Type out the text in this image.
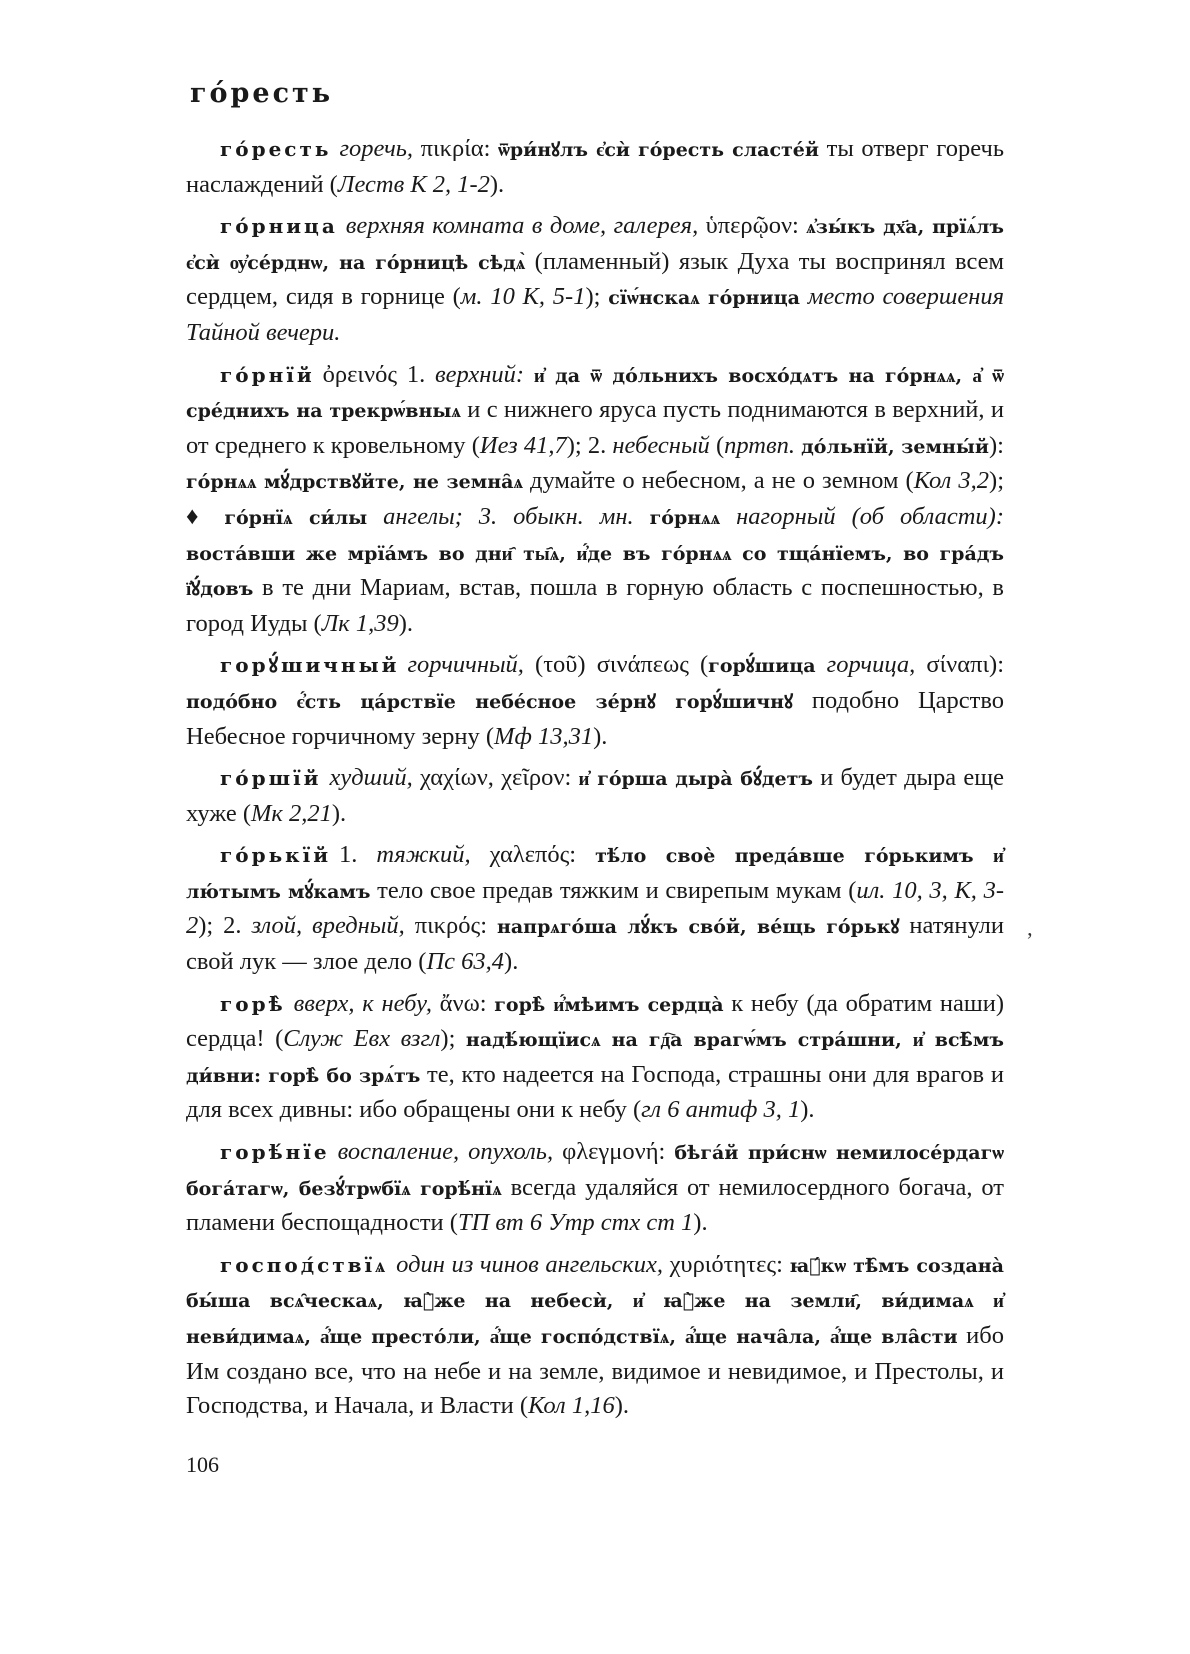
го́ресть

го́ресть горечь, πικρία: ѿри́нꙋлъ є҆сѝ го́ресть сласте́й ты отверг горечь наслаждений (Леств К 2, 1-2).

го́рница верхняя комната в доме, галерея, ὑπερῷον: ѧ҆зы́къ дх҃а, прїѧ́лъ є҆сѝ ѹ҆се́рднѡ, на го́рницѣ сѣдѧ̀ (пламенный) язык Духа ты воспринял всем сердцем, сидя в горнице (м. 10 К, 5-1); сїѡ́нскаѧ го́рница место совершения Тайной вечери.

го́рнїй ὀρεινός 1. верхний: и҆ да ѿ до́льнихъ восхо́дѧтъ на го́рнѧѧ, а҆ ѿ сре́днихъ на трекрѡ́вныѧ и с нижнего яруса пусть поднимаются в верхний, и от среднего к кровельному (Иез 41,7); 2. небесный (пртвп. до́льнїй, земны́й): го́рнѧѧ мꙋ́дрствꙋйте, не земна̑ѧ думайте о небесном, а не о земном (Кол 3,2); ♦ го́рнїѧ си́лы ангелы; 3. обыкн. мн. го́рнѧѧ нагорный (об области): воста́вши же мрїа́мъ во дни҄ ты҄ѧ, и҆́де въ го́рнѧѧ со тща́нїемъ, во гра́дъ ї҆ꙋ́довъ в те дни Мариам, встав, пошла в горную область с поспешностью, в город Иуды (Лк 1,39).

горꙋ́шичный горчичный, (τοῦ) σινάπεως (горꙋ́шица горчица, σίναπι): подо́бно є҆́сть ца́рствїе небе́сное зе́рнꙋ горꙋ́шичнꙋ подобно Царство Небесное горчичному зерну (Мф 13,31).

го́ршїй худший, χαχίων, χεῖρον: и҆ го́рша дыра̀ бꙋ́детъ и будет дыра еще хуже (Мк 2,21).

го́рькїй 1. тяжкий, χαλεπός: тѣ́ло своѐ преда́вше го́рькимъ и҆ лю́тымъ мꙋ́камъ тело свое предав тяжким и свирепым мукам (ил. 10, 3, К, 3-2); 2. злой, вредный, πικρός: напрѧго́ша лꙋ́къ сво́й, ве́щь го́рькꙋ натянули свой лук — злое дело (Пс 63,4).

горѣ̀ вверх, к небу, ἄνω: горѣ̀ и҆́мѣимъ сердца̀ к небу (да обратим наши) сердца! (Служ Евх взгл); надѣ́ющїисѧ на гд҇а врагѡ́мъ стра́шни, и҆ всѣ̑мъ ди́вни: горѣ̀ бо зрѧ́тъ те, кто надеется на Господа, страшны они для врагов и для всех дивны: ибо обращены они к небу (гл 6 антиф 3, 1).

горѣ́нїе воспаление, опухоль, φλεγμονή: бѣга́й при́снѡ немилосе́рдагѡ бога́тагѡ, безꙋ́трѡбїѧ горѣ́нїѧ всегда удаляйся от немилосердного богача, от пламени беспощадности (ТП вт 6 Утр стх ст 1).

господ́ствїѧ один из чинов ангельских, χυριότητες: ꙗ҆́кѡ тѣ̑мъ создана̀ бы́ша всѧ̑ческаѧ, ꙗ҆̀же на небесѝ, и҆ ꙗ҆̀же на земли҄, ви́димаѧ и҆ неви́димаѧ, а҆́ще престо́ли, а҆́ще госпо́дствїѧ, а҆́ще нача̑ла, а҆́ще вла̑сти ибо Им создано все, что на небе и на земле, видимое и невидимое, и Престолы, и Господства, и Начала, и Власти (Кол 1,16).

ʼ
106
